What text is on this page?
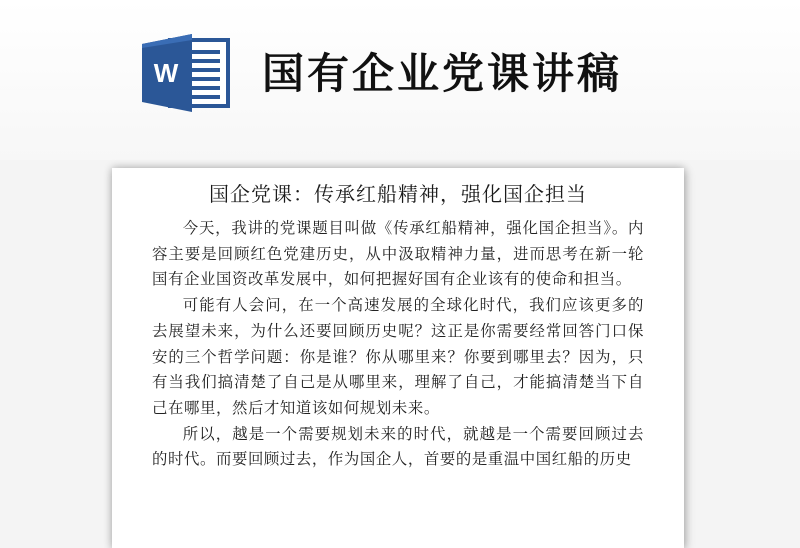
W 国有企业党课讲稿
国企党课：传承红船精神，强化国企担当

今天，我讲的党课题目叫做《传承红船精神，强化国企担当》。内容主要是回顾红色党建历史，从中汲取精神力量，进而思考在新一轮国有企业国资改革发展中，如何把握好国有企业该有的使命和担当。

可能有人会问，在一个高速发展的全球化时代，我们应该更多的去展望未来，为什么还要回顾历史呢？这正是你需要经常回答门口保安的三个哲学问题：你是谁？你从哪里来？你要到哪里去？因为，只有当我们搞清楚了自己是从哪里来，理解了自己，才能搞清楚当下自己在哪里，然后才知道该如何规划未来。

所以，越是一个需要规划未来的时代，就越是一个需要回顾过去的时代。而要回顾过去，作为国企人，首要的是重温中国红船的历史
